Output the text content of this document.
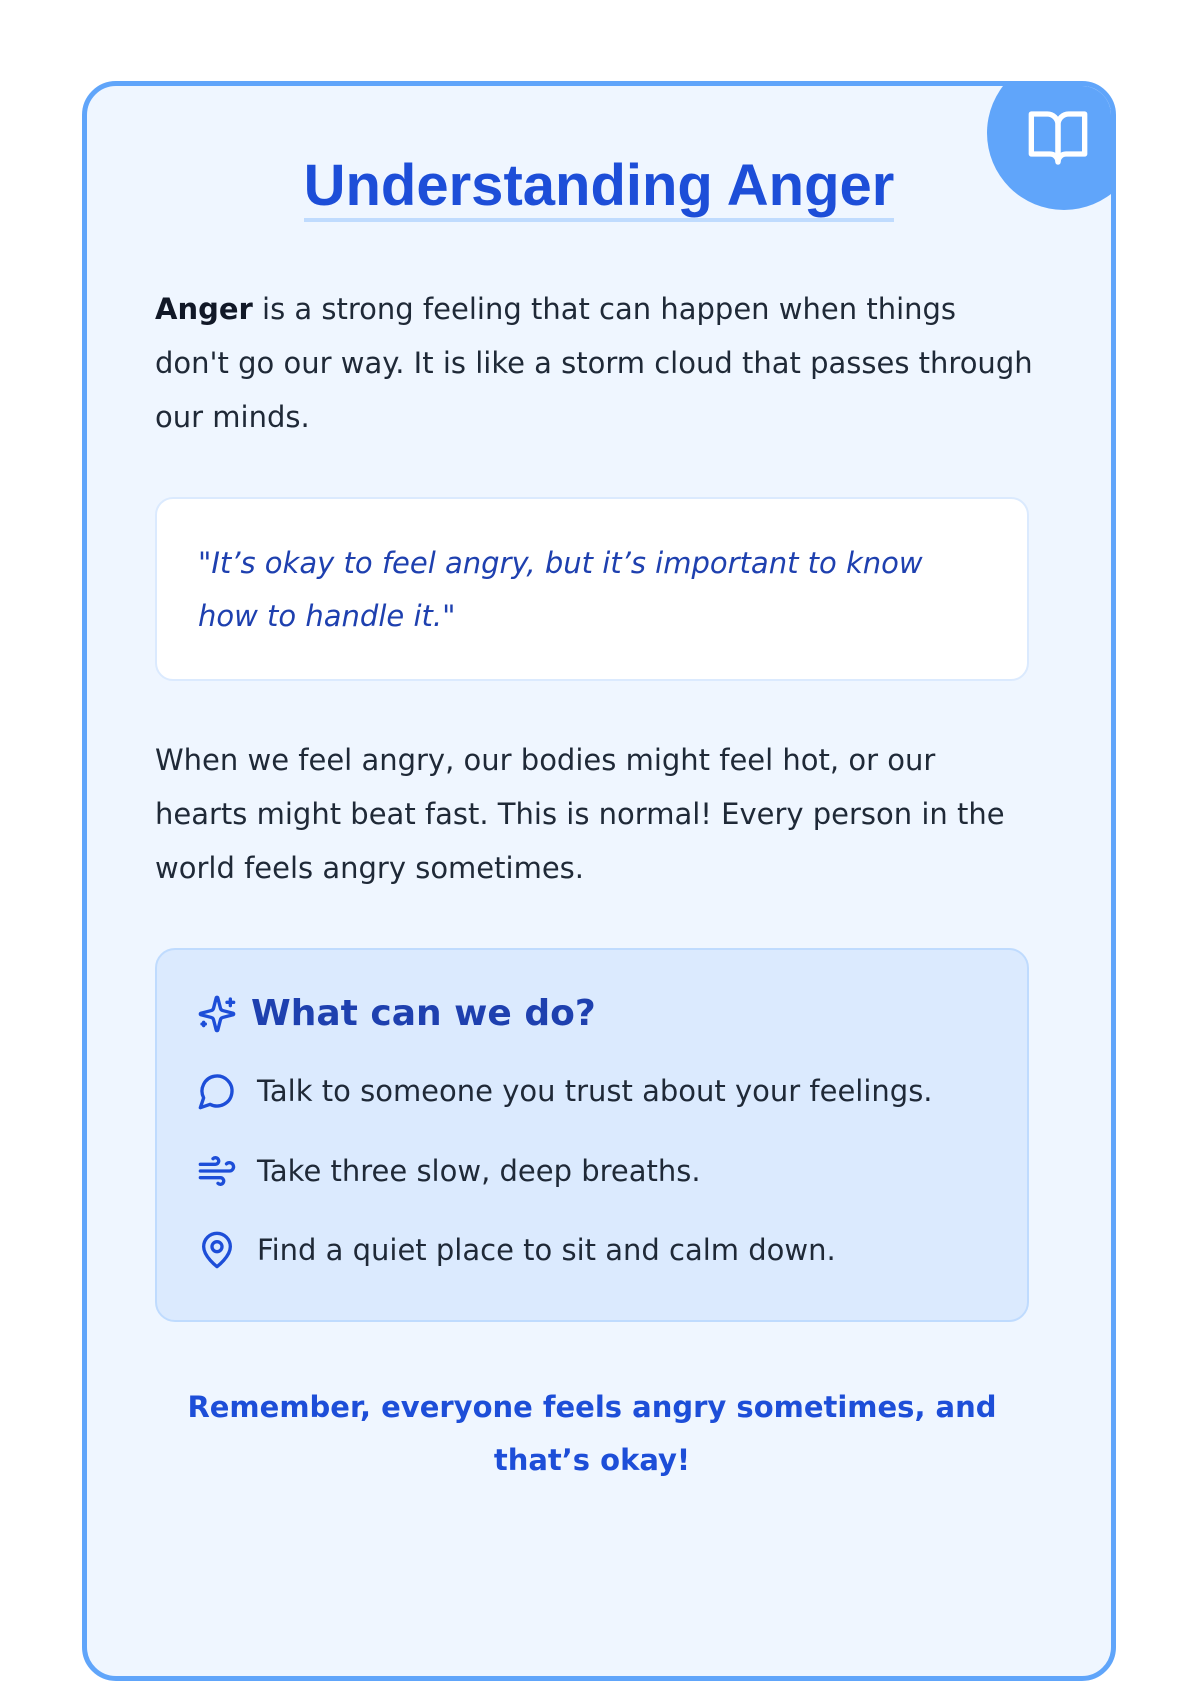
Understanding Anger

Anger is a strong feeling that can happen when things don't go our way. It is like a storm cloud that passes through our minds.

"It’s okay to feel angry, but it’s important to know how to handle it."

When we feel angry, our bodies might feel hot, or our hearts might beat fast. This is normal! Every person in the world feels angry sometimes.

What can we do?
Talk to someone you trust about your feelings.
Take three slow, deep breaths.
Find a quiet place to sit and calm down.

Remember, everyone feels angry sometimes, and that’s okay!
